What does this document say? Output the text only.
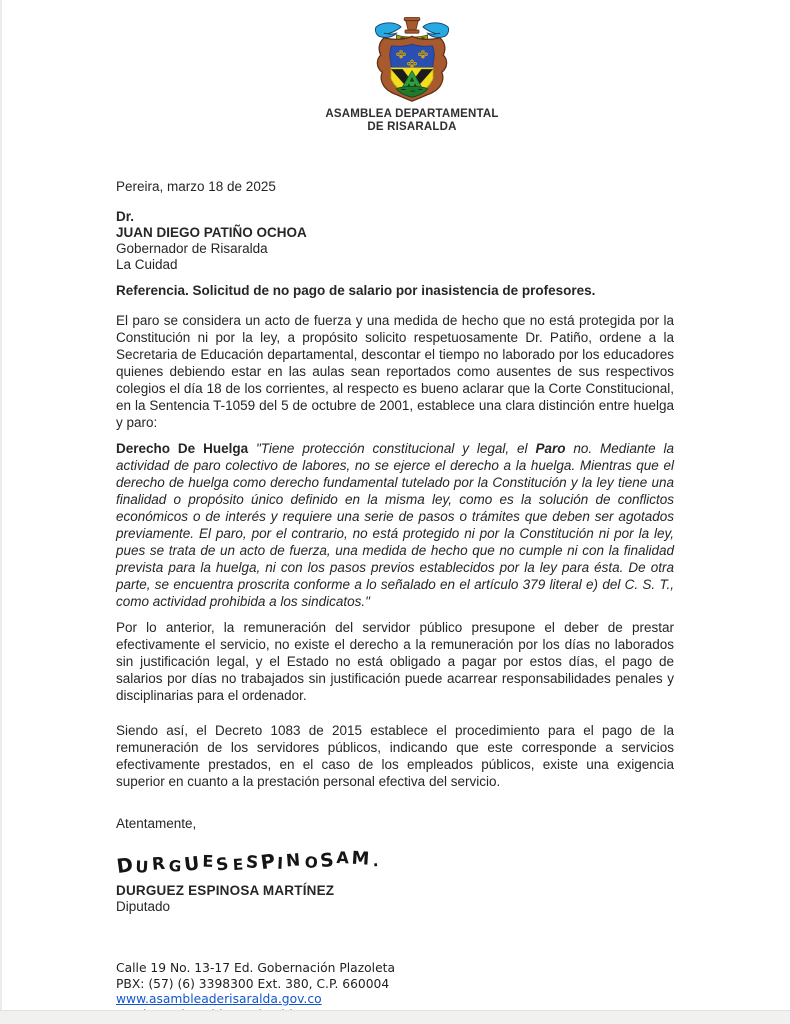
ASAMBLEA DEPARTAMENTAL
DE RISARALDA
Pereira, marzo 18 de 2025
Dr.
JUAN DIEGO PATIÑO OCHOA
Gobernador de Risaralda
La Cuidad
Referencia. Solicitud de no pago de salario por inasistencia de profesores.

El paro se considera un acto de fuerza y una medida de hecho que no está protegida por la Constitución ni por la ley, a propósito solicito respetuosamente Dr. Patiño, ordene a la Secretaria de Educación departamental, descontar el tiempo no laborado por los educadores quienes debiendo estar en las aulas sean reportados como ausentes de sus respectivos colegios el día 18 de los corrientes, al respecto es bueno aclarar que la Corte Constitucional, en la Sentencia T-1059 del 5 de octubre de 2001, establece una clara distinción entre huelga y paro:

Derecho De Huelga "Tiene protección constitucional y legal, el Paro no. Mediante la actividad de paro colectivo de labores, no se ejerce el derecho a la huelga. Mientras que el derecho de huelga como derecho fundamental tutelado por la Constitución y la ley tiene una finalidad o propósito único definido en la misma ley, como es la solución de conflictos económicos o de interés y requiere una serie de pasos o trámites que deben ser agotados previamente. El paro, por el contrario, no está protegido ni por la Constitución ni por la ley, pues se trata de un acto de fuerza, una medida de hecho que no cumple ni con la finalidad prevista para la huelga, ni con los pasos previos establecidos por la ley para ésta. De otra parte, se encuentra proscrita conforme a lo señalado en el artículo 379 literal e) del C. S. T., como actividad prohibida a los sindicatos."

Por lo anterior, la remuneración del servidor público presupone el deber de prestar efectivamente el servicio, no existe el derecho a la remuneración por los días no laborados sin justificación legal, y el Estado no está obligado a pagar por estos días, el pago de salarios por días no trabajados sin justificación puede acarrear responsabilidades penales y disciplinarias para el ordenador.

Siendo así, el Decreto 1083 de 2015 establece el procedimiento para el pago de la remuneración de los servidores públicos, indicando que este corresponde a servicios efectivamente prestados, en el caso de los empleados públicos, existe una exigencia superior en cuanto a la prestación personal efectiva del servicio.

Atentamente,
DURGUESESPINOSAM.
DURGUEZ ESPINOSA MARTÍNEZ
Diputado
Calle 19 No. 13-17 Ed. Gobernación Plazoleta
PBX: (57) (6) 3398300 Ext. 380, C.P. 660004
www.asambleaderisaralda.gov.co
